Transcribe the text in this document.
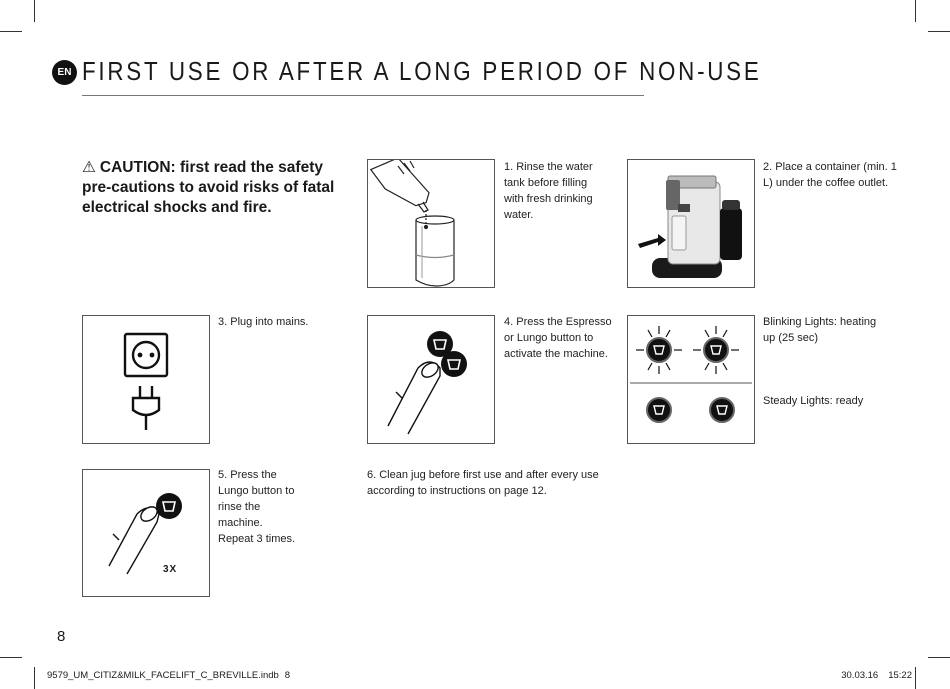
EN FIRST USE OR AFTER A LONG PERIOD OF NON-USE
⚠ CAUTION: first read the safety pre-cautions to avoid risks of fatal electrical shocks and fire.
1. Rinse the water tank before filling with fresh drinking water.
2. Place a container (min. 1 L) under the coffee outlet.
3. Plug into mains.	4. Press the Espresso or Lungo button to activate the machine.
Blinking Lights: heating up (25 sec)
Steady Lights: ready
3X
5. Press the Lungo button to rinse the machine. Repeat 3 times.
6. Clean jug before first use and after every use according to instructions on page 12.
8
9579_UM_CITIZ&MILK_FACELIFT_C_BREVILLE.indb 8	30.03.16 15:22
